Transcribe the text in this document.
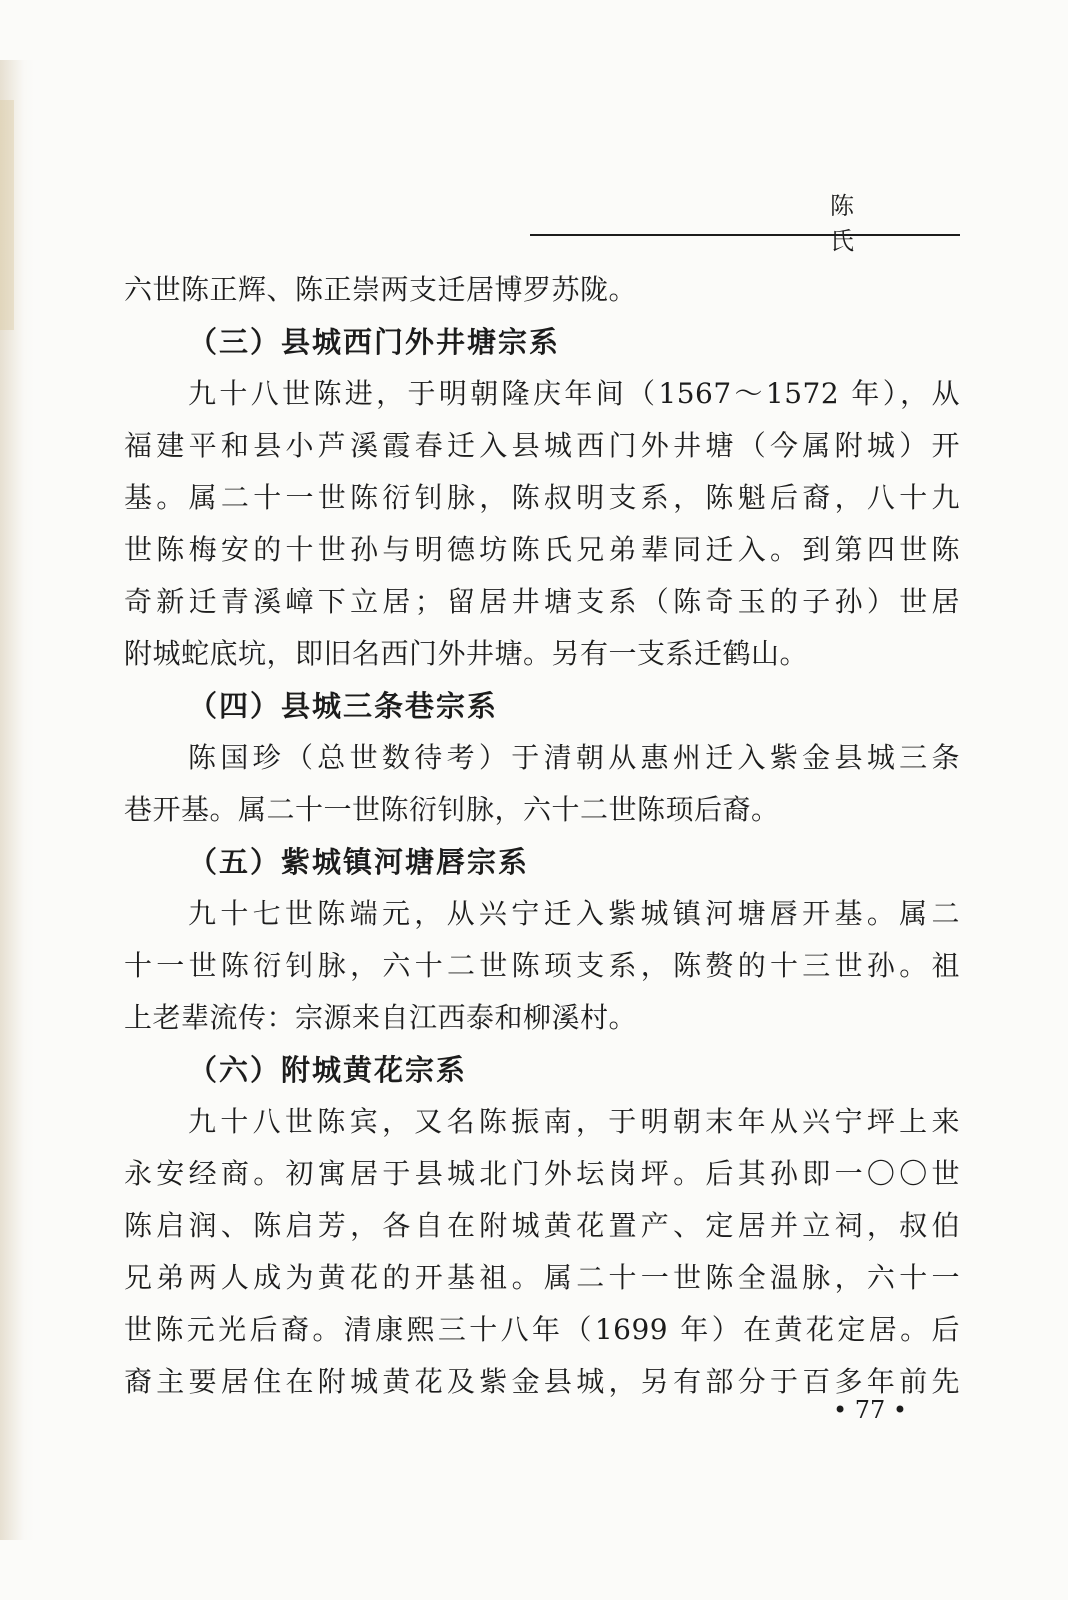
陈　氏
六世陈正辉、陈正崇两支迁居博罗苏陇。
（三）县城西门外井塘宗系
九十八世陈进，于明朝隆庆年间（1567～1572 年），从
福建平和县小芦溪霞春迁入县城西门外井塘（今属附城）开
基。属二十一世陈衍钊脉，陈叔明支系，陈魁后裔，八十九
世陈梅安的十世孙与明德坊陈氏兄弟辈同迁入。到第四世陈
奇新迁青溪嶂下立居；留居井塘支系（陈奇玉的子孙）世居
附城蛇底坑，即旧名西门外井塘。另有一支系迁鹤山。
（四）县城三条巷宗系
陈国珍（总世数待考）于清朝从惠州迁入紫金县城三条
巷开基。属二十一世陈衍钊脉，六十二世陈顼后裔。
（五）紫城镇河塘唇宗系
九十七世陈端元，从兴宁迁入紫城镇河塘唇开基。属二
十一世陈衍钊脉，六十二世陈顼支系，陈赘的十三世孙。祖
上老辈流传：宗源来自江西泰和柳溪村。
（六）附城黄花宗系
九十八世陈宾，又名陈振南，于明朝末年从兴宁坪上来
永安经商。初寓居于县城北门外坛岗坪。后其孙即一〇〇世
陈启润、陈启芳，各自在附城黄花置产、定居并立祠，叔伯
兄弟两人成为黄花的开基祖。属二十一世陈全温脉，六十一
世陈元光后裔。清康熙三十八年（1699 年）在黄花定居。后
裔主要居住在附城黄花及紫金县城，另有部分于百多年前先
• 77 •
